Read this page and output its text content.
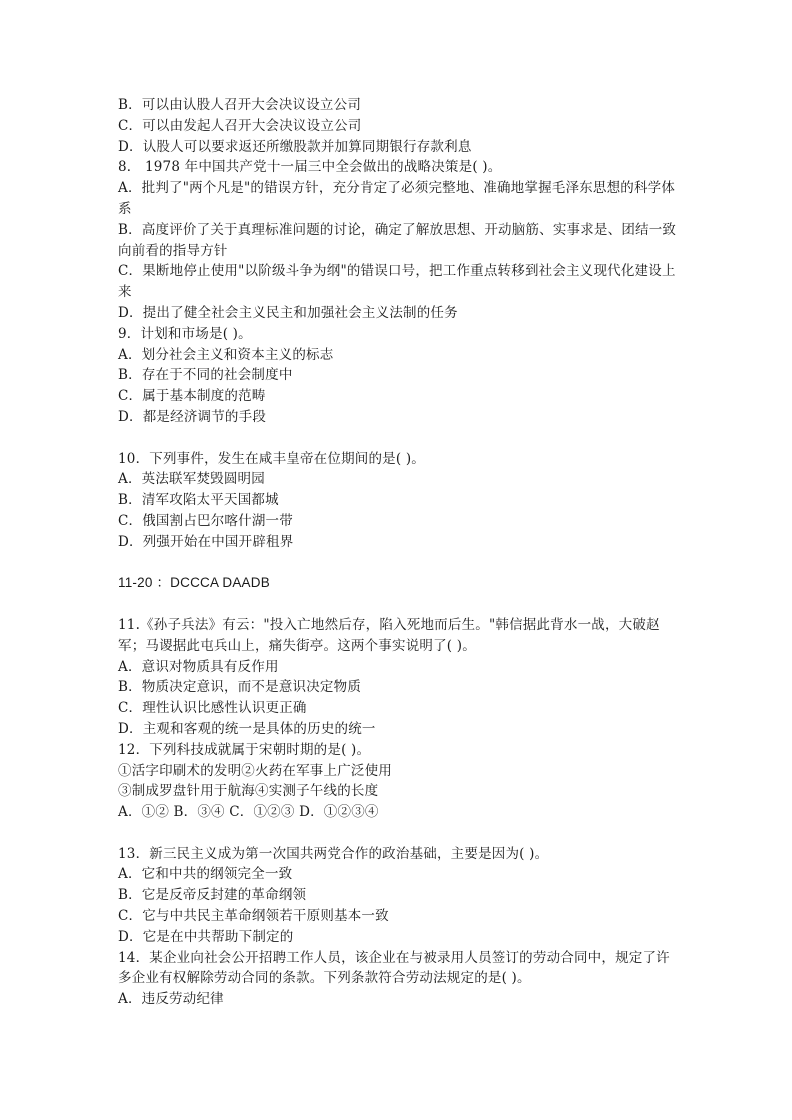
B．可以由认股人召开大会决议设立公司

C．可以由发起人召开大会决议设立公司

D．认股人可以要求返还所缴股款并加算同期银行存款利息

8． 1978 年中国共产党十一届三中全会做出的战略决策是( )。

A．批判了"两个凡是"的错误方针，充分肯定了必须完整地、准确地掌握毛泽东思想的科学体系

B．高度评价了关于真理标准问题的讨论，确定了解放思想、开动脑筋、实事求是、团结一致向前看的指导方针

C．果断地停止使用"以阶级斗争为纲"的错误口号，把工作重点转移到社会主义现代化建设上来

D．提出了健全社会主义民主和加强社会主义法制的任务

9．计划和市场是( )。

A．划分社会主义和资本主义的标志

B．存在于不同的社会制度中

C．属于基本制度的范畴

D．都是经济调节的手段

10．下列事件，发生在咸丰皇帝在位期间的是( )。

A．英法联军焚毁圆明园

B．清军攻陷太平天国都城

C．俄国割占巴尔喀什湖一带

D．列强开始在中国开辟租界

11-20 ：DCCCA DAADB

11.《孙子兵法》有云："投入亡地然后存，陷入死地而后生。"韩信据此背水一战，大破赵军；马谡据此屯兵山上，痛失街亭。这两个事实说明了( )。

A．意识对物质具有反作用

B．物质决定意识，而不是意识决定物质

C．理性认识比感性认识更正确

D．主观和客观的统一是具体的历史的统一

12．下列科技成就属于宋朝时期的是( )。

①活字印刷术的发明②火药在军事上广泛使用

③制成罗盘针用于航海④实测子午线的长度

A．①② B．③④ C．①②③ D．①②③④

13．新三民主义成为第一次国共两党合作的政治基础，主要是因为( )。

A．它和中共的纲领完全一致

B．它是反帝反封建的革命纲领

C．它与中共民主革命纲领若干原则基本一致

D．它是在中共帮助下制定的

14．某企业向社会公开招聘工作人员，该企业在与被录用人员签订的劳动合同中，规定了许多企业有权解除劳动合同的条款。下列条款符合劳动法规定的是( )。

A．违反劳动纪律
